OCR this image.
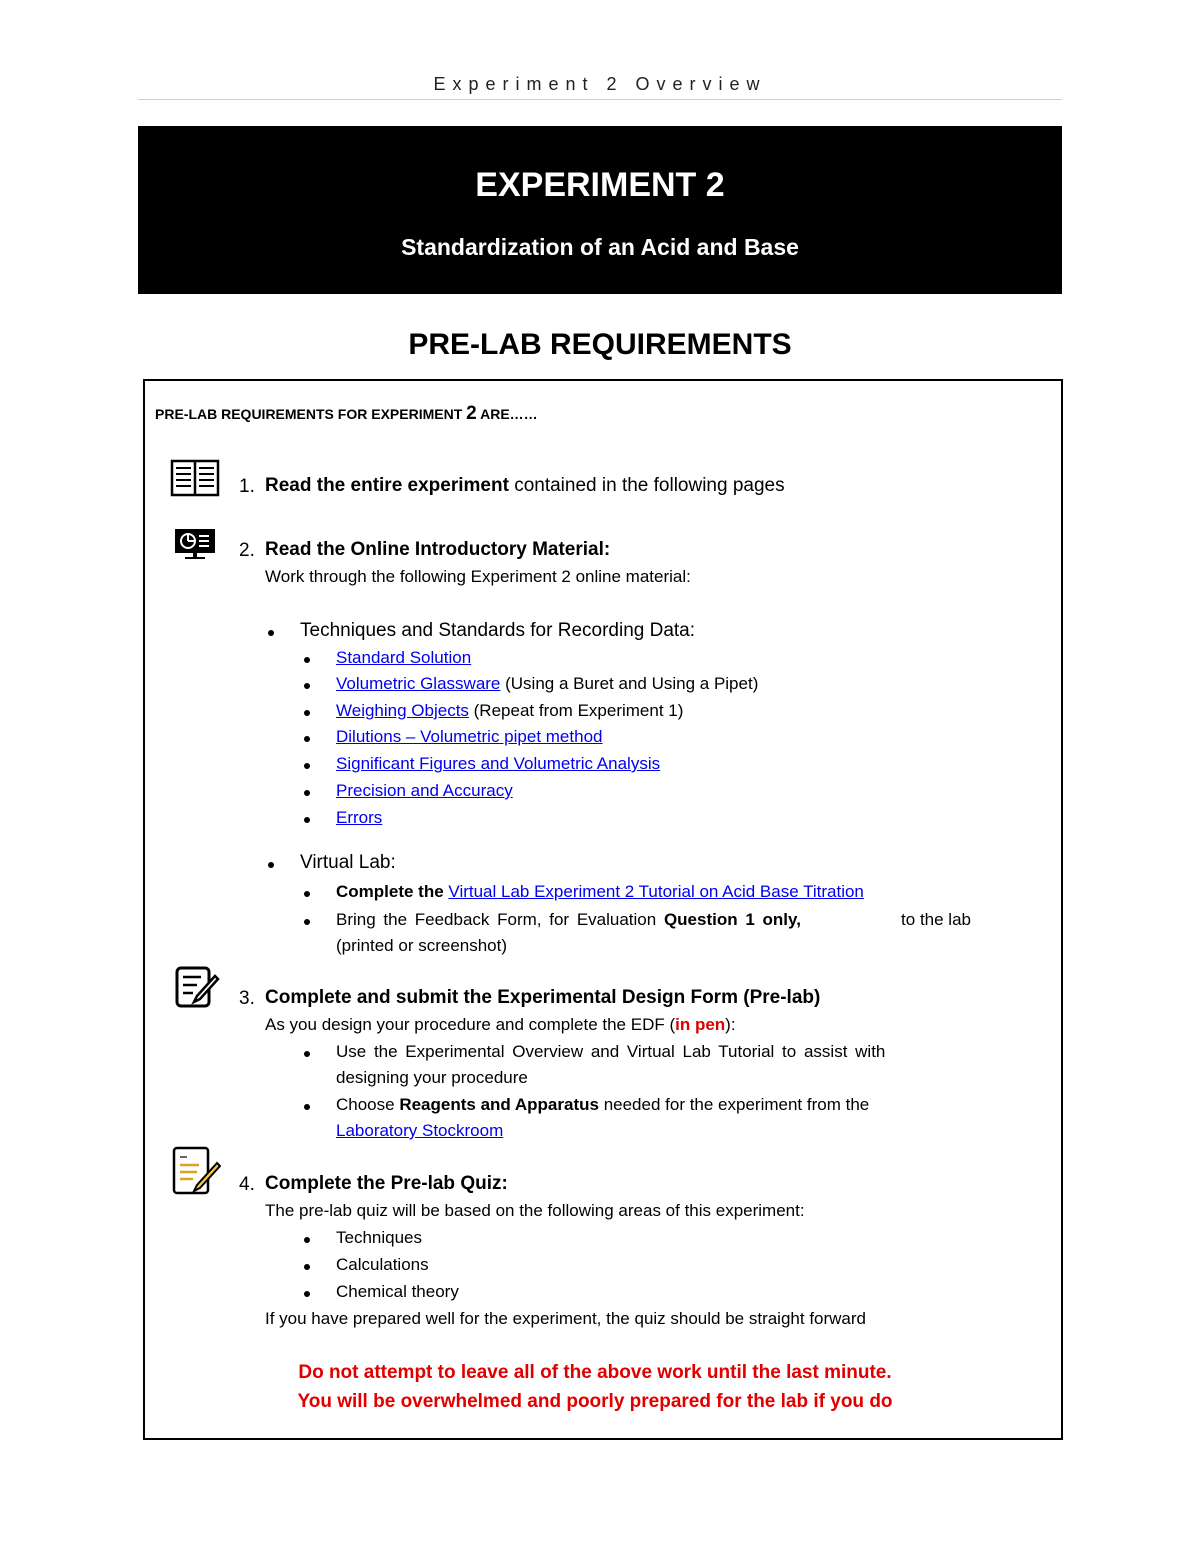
Experiment 2 Overview
EXPERIMENT 2
Standardization of an Acid and Base
PRE-LAB REQUIREMENTS
PRE-LAB REQUIREMENTS FOR EXPERIMENT 2 ARE……
1. Read the entire experiment contained in the following pages
2. Read the Online Introductory Material:
Work through the following Experiment 2 online material:
Techniques and Standards for Recording Data:
Standard Solution
Volumetric Glassware (Using a Buret and Using a Pipet)
Weighing Objects (Repeat from Experiment 1)
Dilutions – Volumetric pipet method
Significant Figures and Volumetric Analysis
Precision and Accuracy
Errors
Virtual Lab:
Complete the Virtual Lab Experiment 2 Tutorial on Acid Base Titration
Bring the Feedback Form, for Evaluation Question 1 only,	to the lab
(printed or screenshot)
3. Complete and submit the Experimental Design Form (Pre-lab)
As you design your procedure and complete the EDF (in pen):
Use the Experimental Overview and Virtual Lab Tutorial to assist with
designing your procedure
Choose Reagents and Apparatus needed for the experiment from the
Laboratory Stockroom
4. Complete the Pre-lab Quiz:
The pre-lab quiz will be based on the following areas of this experiment:
Techniques
Calculations
Chemical theory
If you have prepared well for the experiment, the quiz should be straight forward
Do not attempt to leave all of the above work until the last minute.
You will be overwhelmed and poorly prepared for the lab if you do
